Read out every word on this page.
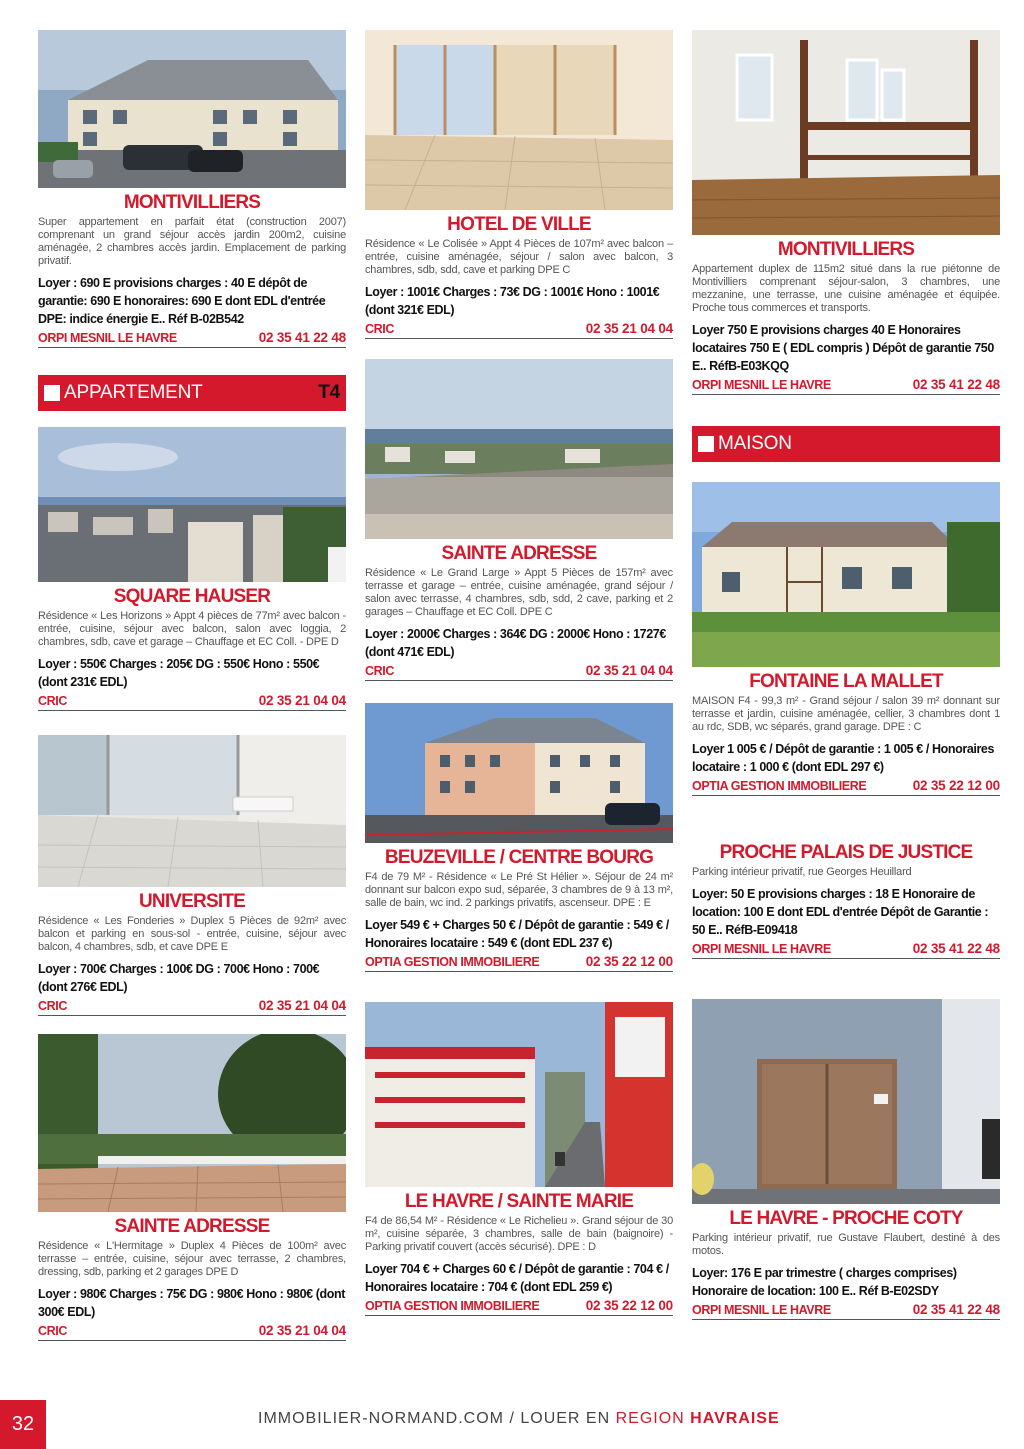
MONTIVILLIERS
Super appartement en parfait état (construction 2007) comprenant un grand séjour accès jardin 200m2, cuisine aménagée, 2 chambres accès jardin. Emplacement de parking privatif.
Loyer : 690 E provisions charges : 40 E dépôt de garantie: 690 E honoraires: 690 E dont EDL d'entrée DPE: indice énergie E.. Réf B-02B542
ORPI MESNIL LE HAVRE	02 35 41 22 48
APPARTEMENT	T4
SQUARE HAUSER
Résidence « Les Horizons » Appt 4 pièces de 77m² avec balcon - entrée, cuisine, séjour avec balcon, salon avec loggia, 2 chambres, sdb, cave et garage – Chauffage et EC Coll. - DPE D
Loyer : 550€ Charges : 205€ DG : 550€ Hono : 550€ (dont 231€ EDL)
CRIC	02 35 21 04 04
UNIVERSITE
Résidence « Les Fonderies » Duplex 5 Pièces de 92m² avec balcon et parking en sous-sol - entrée, cuisine, séjour avec balcon, 4 chambres, sdb, et cave DPE E
Loyer : 700€ Charges : 100€ DG : 700€ Hono : 700€ (dont 276€ EDL)
CRIC	02 35 21 04 04
SAINTE ADRESSE
Résidence « L'Hermitage » Duplex 4 Pièces de 100m² avec terrasse – entrée, cuisine, séjour avec terrasse, 2 chambres, dressing, sdb, parking et 2 garages DPE D
Loyer : 980€ Charges : 75€ DG : 980€ Hono : 980€ (dont 300€ EDL)
CRIC	02 35 21 04 04
HOTEL DE VILLE
Résidence « Le Colisée » Appt 4 Pièces de 107m² avec balcon – entrée, cuisine aménagée, séjour / salon avec balcon, 3 chambres, sdb, sdd, cave et parking DPE C
Loyer : 1001€ Charges : 73€ DG : 1001€ Hono : 1001€ (dont 321€ EDL)
CRIC	02 35 21 04 04
SAINTE ADRESSE
Résidence « Le Grand Large » Appt 5 Pièces de 157m² avec terrasse et garage – entrée, cuisine aménagée, grand séjour / salon avec terrasse, 4 chambres, sdb, sdd, 2 cave, parking et 2 garages – Chauffage et EC Coll. DPE C
Loyer : 2000€ Charges : 364€ DG : 2000€ Hono : 1727€ (dont 471€ EDL)
CRIC	02 35 21 04 04
BEUZEVILLE / CENTRE BOURG
F4 de 79 M² - Résidence « Le Pré St Hélier ». Séjour de 24 m² donnant sur balcon expo sud, séparée, 3 chambres de 9 à 13 m², salle de bain, wc ind. 2 parkings privatifs, ascenseur. DPE : E
Loyer 549 € + Charges 50 € / Dépôt de garantie : 549 € / Honoraires locataire : 549 € (dont EDL 237 €)
OPTIA GESTION IMMOBILIERE	02 35 22 12 00
LE HAVRE / SAINTE MARIE
F4 de 86,54 M² - Résidence « Le Richelieu ». Grand séjour de 30 m², cuisine séparée, 3 chambres, salle de bain (baignoire) - Parking privatif couvert (accès sécurisé). DPE : D
Loyer 704 € + Charges 60 € / Dépôt de garantie : 704 € / Honoraires locataire : 704 € (dont EDL 259 €)
OPTIA GESTION IMMOBILIERE	02 35 22 12 00
MONTIVILLIERS
Appartement duplex de 115m2 situé dans la rue piétonne de Montivilliers comprenant séjour-salon, 3 chambres, une mezzanine, une terrasse, une cuisine aménagée et équipée. Proche tous commerces et transports.
Loyer 750 E provisions charges 40 E Honoraires locataires 750 E ( EDL compris ) Dépôt de garantie 750 E.. RéfB-E03KQQ
ORPI MESNIL LE HAVRE	02 35 41 22 48
MAISON
FONTAINE LA MALLET
MAISON F4 - 99,3 m² - Grand séjour / salon 39 m² donnant sur terrasse et jardin, cuisine aménagée, cellier, 3 chambres dont 1 au rdc, SDB, wc séparés, grand garage. DPE : C
Loyer 1 005 € / Dépôt de garantie : 1 005 € / Honoraires locataire : 1 000 € (dont EDL 297 €)
OPTIA GESTION IMMOBILIERE	02 35 22 12 00
PROCHE PALAIS DE JUSTICE
Parking intérieur privatif, rue Georges Heuillard
Loyer: 50 E provisions charges : 18 E Honoraire de location: 100 E dont EDL d'entrée Dépôt de Garantie : 50 E.. RéfB-E09418
ORPI MESNIL LE HAVRE	02 35 41 22 48
LE HAVRE - PROCHE COTY
Parking intérieur privatif, rue Gustave Flaubert, destiné à des motos.
Loyer: 176 E par trimestre ( charges comprises) Honoraire de location: 100 E.. Réf B-E02SDY
ORPI MESNIL LE HAVRE	02 35 41 22 48
32	IMMOBILIER-NORMAND.COM / LOUER EN REGION HAVRAISE
